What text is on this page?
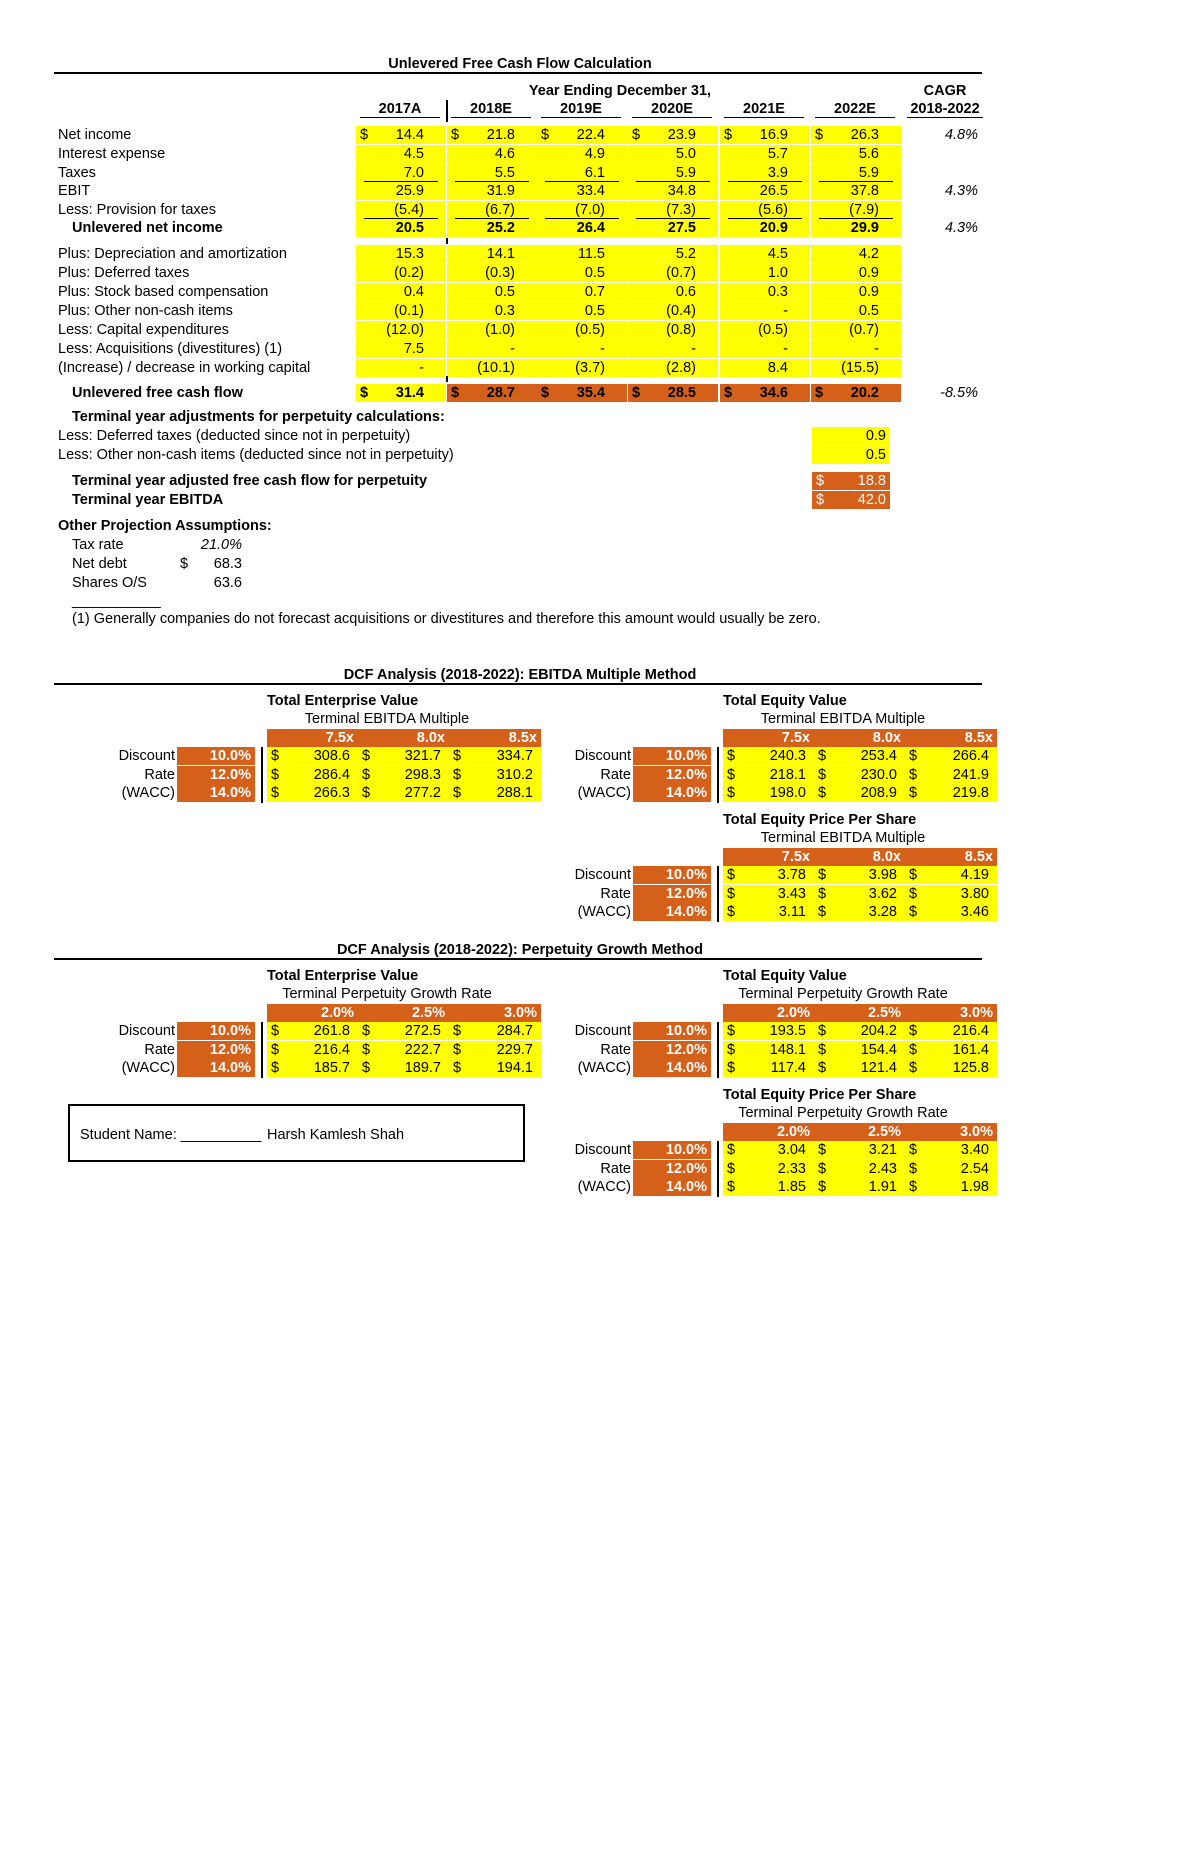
Unlevered Free Cash Flow Calculation
Year Ending December 31,	CAGR
2018-2022
2017A	2018E	2019E	2020E	2021E	2022E
Net income	$ 14.4 $ 21.8 $ 22.4 $ 23.9 $ 16.9 $ 26.3	4.8%
Interest expense	4.5	4.6	4.9	5.0	5.7	5.6
Taxes	7.0	5.5	6.1	5.9	3.9	5.9
EBIT	25.9	31.9	33.4	34.8	26.5	37.8	4.3%
Less: Provision for taxes	(5.4)	(6.7)	(7.0)	(7.3)	(5.6)	(7.9)
Unlevered net income	20.5	25.2	26.4	27.5	20.9	29.9	4.3%
Plus: Depreciation and amortization	15.3	14.1	11.5	5.2	4.5	4.2
Plus: Deferred taxes	(0.2)	(0.3)	0.5	(0.7)	1.0	0.9
Plus: Stock based compensation	0.4	0.5	0.7	0.6	0.3	0.9
Plus: Other non-cash items	(0.1)	0.3	0.5	(0.4)	-	0.5
Less: Capital expenditures	(12.0)	(1.0)	(0.5)	(0.8)	(0.5)	(0.7)
Less: Acquisitions (divestitures) (1)	7.5	-	-	-	-	-
(Increase) / decrease in working capital	-	(10.1)	(3.7)	(2.8)	8.4	(15.5)
Unlevered free cash flow	$ 31.4 $ 28.7 $ 35.4 $ 28.5 $ 34.6 $ 20.2	-8.5%
Terminal year adjustments for perpetuity calculations:
Less: Deferred taxes (deducted since not in perpetuity)	0.9
Less: Other non-cash items (deducted since not in perpetuity)	0.5
Terminal year adjusted free cash flow for perpetuity	$ 18.8
Terminal year EBITDA	$ 42.0
Other Projection Assumptions:
Tax rate	21.0%
Net debt	$	68.3
Shares O/S	63.6
___________
(1) Generally companies do not forecast acquisitions or divestitures and therefore this amount would usually be zero.
DCF Analysis (2018-2022): EBITDA Multiple Method
Total Enterprise Value
Terminal EBITDA Multiple
7.5x	8.0x	8.5x
Discount 10.0% $ 308.6 $ 321.7 $ 334.7
Rate 12.0% $ 286.4 $ 298.3 $ 310.2
(WACC) 14.0% $ 266.3 $ 277.2 $ 288.1
Total Equity Value
Terminal EBITDA Multiple
7.5x	8.0x	8.5x
Discount 10.0% $ 240.3 $ 253.4 $ 266.4
Rate 12.0% $ 218.1 $ 230.0 $ 241.9
(WACC) 14.0% $ 198.0 $ 208.9 $ 219.8
Total Equity Price Per Share
Terminal EBITDA Multiple
7.5x	8.0x	8.5x
Discount 10.0% $	3.78 $	3.98 $	4.19
Rate 12.0% $	3.43 $	3.62 $	3.80
(WACC) 14.0% $	3.11 $	3.28 $	3.46
DCF Analysis (2018-2022): Perpetuity Growth Method
Total Enterprise Value
Terminal Perpetuity Growth Rate
2.0%	2.5%	3.0%
Discount 10.0% $ 261.8 $ 272.5 $ 284.7
Rate 12.0% $ 216.4 $ 222.7 $ 229.7
(WACC) 14.0% $ 185.7 $ 189.7 $ 194.1
Total Equity Value
Terminal Perpetuity Growth Rate
2.0%	2.5%	3.0%
Discount 10.0% $ 193.5 $ 204.2 $ 216.4
Rate 12.0% $ 148.1 $ 154.4 $ 161.4
(WACC) 14.0% $ 117.4 $ 121.4 $ 125.8
Total Equity Price Per Share
Terminal Perpetuity Growth Rate
2.0%	2.5%	3.0%
Discount 10.0% $	3.04 $	3.21 $	3.40
Rate 12.0% $	2.33 $	2.43 $	2.54
(WACC) 14.0% $	1.85 $	1.91 $	1.98
Student Name: __________ Harsh Kamlesh Shah
